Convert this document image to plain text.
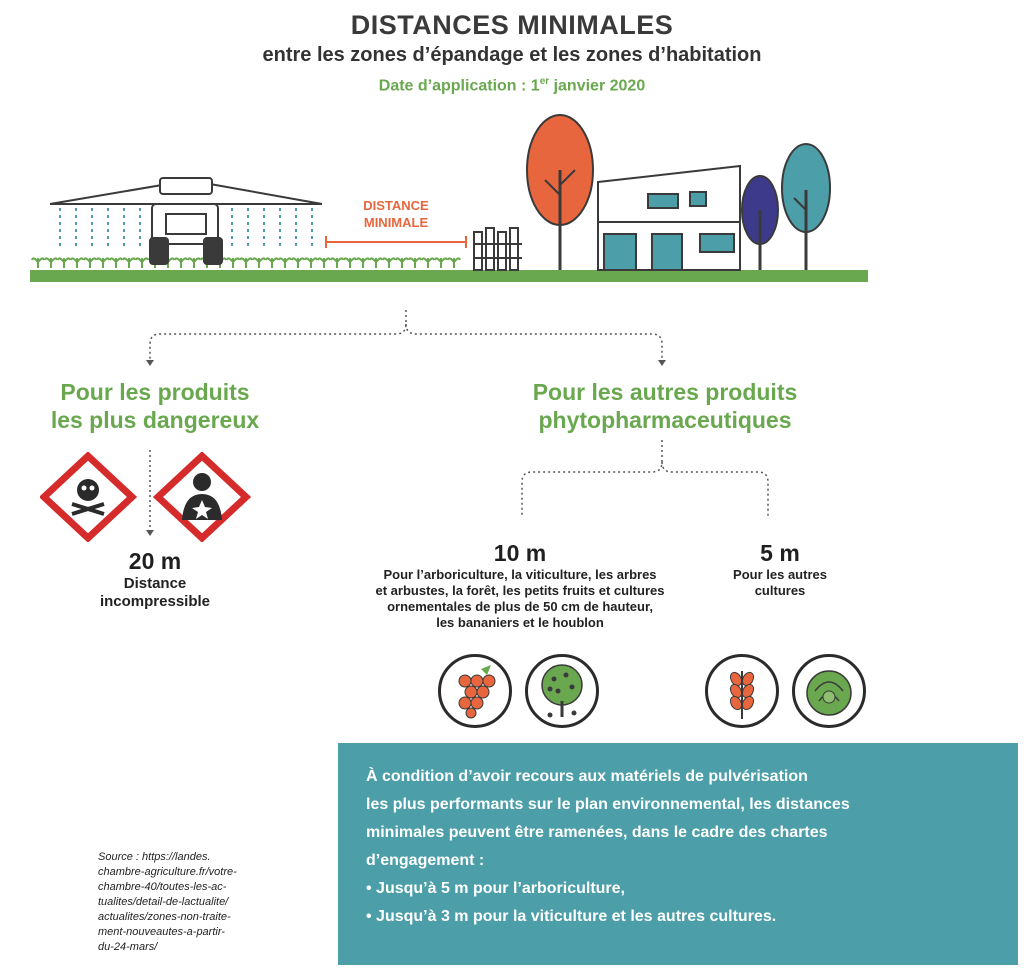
DISTANCES MINIMALES
entre les zones d’épandage et les zones d’habitation
Date d’application : 1er janvier 2020
DISTANCE
MINIMALE
Pour les produits
les plus dangereux
20 m
Distance
incompressible
Pour les autres produits
phytopharmaceutiques
10 m
Pour l’arboriculture, la viticulture, les arbres
et arbustes, la forêt, les petits fruits et cultures
ornementales de plus de 50 cm de hauteur,
les bananiers et le houblon
5 m
Pour les autres
cultures
Source : https://landes.
chambre-agriculture.fr/votre-
chambre-40/toutes-les-ac-
tualites/detail-de-lactualite/
actualites/zones-non-traite-
ment-nouveautes-a-partir-
du-24-mars/
À condition d’avoir recours aux matériels de pulvérisation
les plus performants sur le plan environnemental, les distances
minimales peuvent être ramenées, dans le cadre des chartes
d’engagement :
• Jusqu’à 5 m pour l’arboriculture,
• Jusqu’à 3 m pour la viticulture et les autres cultures.
